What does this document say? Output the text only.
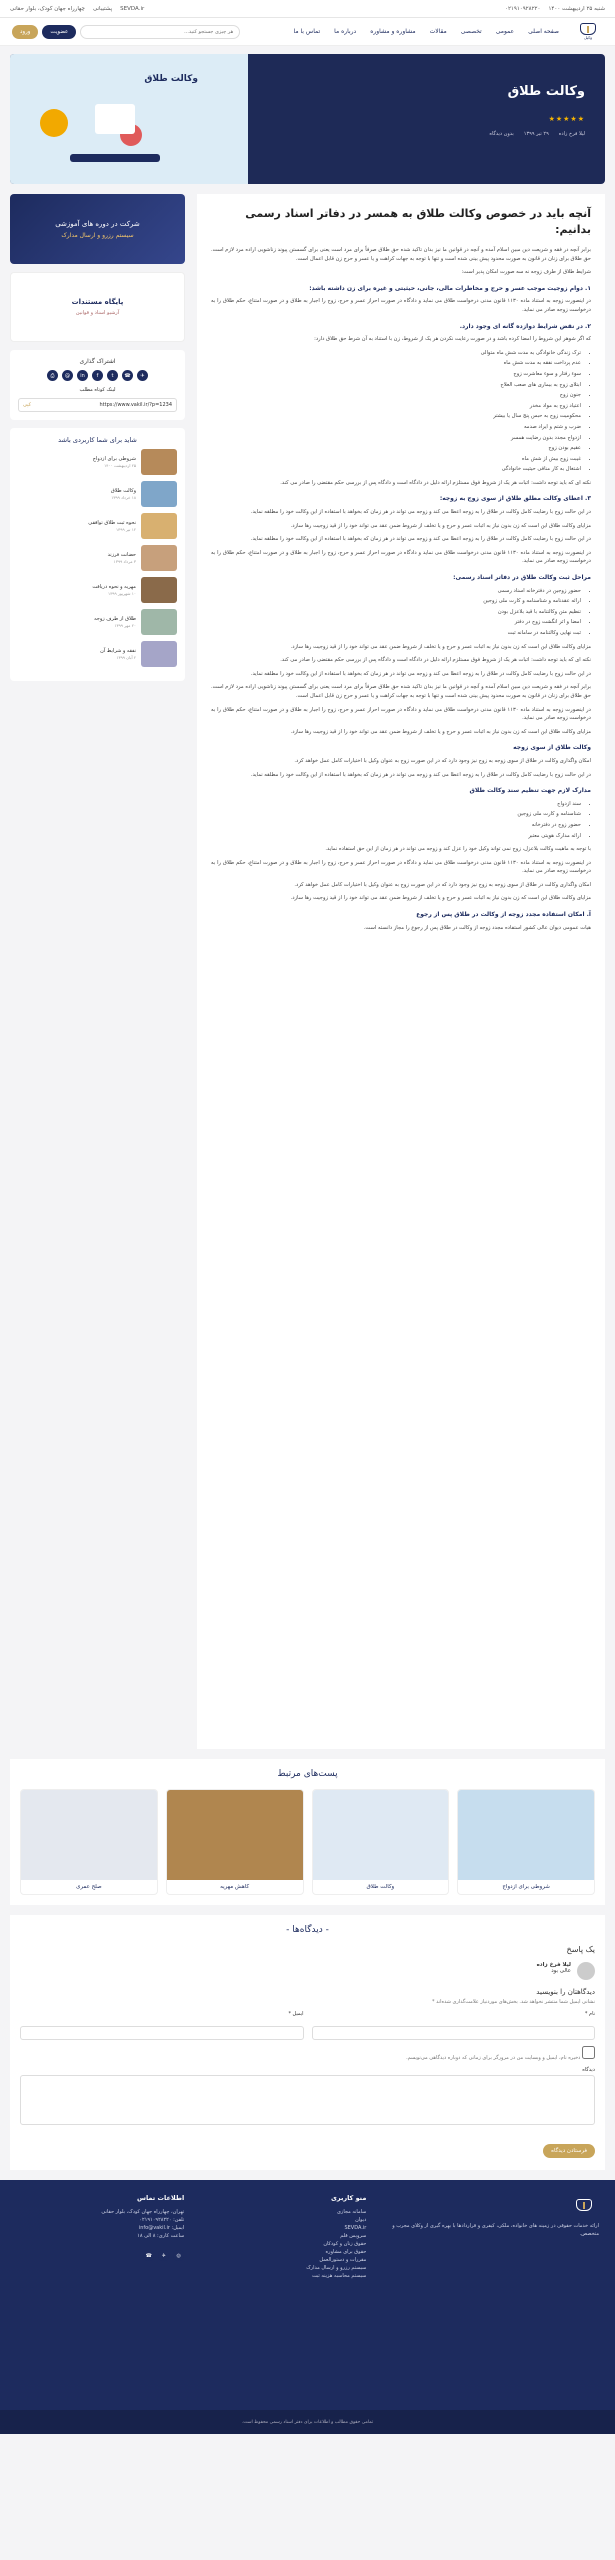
شنبه ۲۵ اردیبهشت ۱۴۰۰
۰۲۱۹۱۰۹۲۸۲۲۰
SEVDA.ir
پشتیبانی
چهارراه جهان کودک، بلوار حقانی
وکیل
صفحه اصلی
عمومی
تخصصی
مقالات
مشاوره و مشاوره
درباره ما
تماس با ما
هر چیزی جستجو کنید...
عضویت
ورود
وکالت طلاق
★★★★★
لیلا فرخ زاده
۲۹ تیر ۱۳۹۹
بدون دیدگاه
وکالت طلاق
آنچه باید در خصوص وکالت طلاق به همسر در دفاتر اسناد رسمی بدانیم:

برابر آنچه در فقه و شریعت دین مبین اسلام آمده و آنچه در قوانین ما نیز بدان تاکید شده حق طلاق صرفاً برای مرد است یعنی برای گسستن پیوند زناشویی اراده مرد لازم است. حق طلاق برای زنان در قانون به صورت محدود پیش بینی شده است و تنها با توجه به جهات کراهت و یا عسر و حرج زن قابل اعمال است.

شرایط طلاق از طرف زوجه نه سه صورت امکان پذیر است:

۱. دوام زوجیت موجب عسر و حرج و مخاطرات مالی، جانی، حیثیتی و غیره برای زن داشته باشد:

در اینصورت زوجه به استناد ماده ۱۱۳۰ قانون مدنی درخواست طلاق می نماید و دادگاه در صورت احراز عسر و حرج، زوج را اجبار به طلاق و در صورت امتناع، حکم طلاق را به درخواست زوجه صادر می نماید.

۲. در نقض شرایط دوازده گانه ای وجود دارد.

که اگر شوهر این شروط را امضا کرده باشد و در صورت رعایت نکردن هر یک از شروط، زن با استناد به آن شرط حق طلاق دارد:

• ترک زندگی خانوادگی به مدت شش ماه متوالی
• عدم پرداخت نفقه به مدت شش ماه
• سوء رفتار و سوء معاشرت زوج
• ابتلای زوج به بیماری های صعب العلاج
• جنون زوج
• اعتیاد زوج به مواد مخدر
• محکومیت زوج به حبس پنج سال یا بیشتر
• ضرب و شتم و ایراد صدمه
• ازدواج مجدد بدون رضایت همسر
• عقیم بودن زوج
• غیبت زوج بیش از شش ماه
• اشتغال به کار منافی حیثیت خانوادگی

نکته ای که باید توجه داشت: اثبات هر یک از شروط فوق مستلزم ارائه دلیل در دادگاه است و دادگاه پس از بررسی حکم مقتضی را صادر می کند.

۳. اعطای وکالت مطلق طلاق از سوی زوج به زوجه:

در این حالت زوج با رضایت کامل وکالت در طلاق را به زوجه اعطا می کند و زوجه می تواند در هر زمان که بخواهد با استفاده از این وکالت خود را مطلقه نماید.

مزایای وکالت طلاق این است که زن بدون نیاز به اثبات عسر و حرج و یا تخلف از شروط ضمن عقد می تواند خود را از قید زوجیت رها سازد.

در این حالت زوج با رضایت کامل وکالت در طلاق را به زوجه اعطا می کند و زوجه می تواند در هر زمان که بخواهد با استفاده از این وکالت خود را مطلقه نماید.

در اینصورت زوجه به استناد ماده ۱۱۳۰ قانون مدنی درخواست طلاق می نماید و دادگاه در صورت احراز عسر و حرج، زوج را اجبار به طلاق و در صورت امتناع، حکم طلاق را به درخواست زوجه صادر می نماید.

مراحل ثبت وکالت طلاق در دفاتر اسناد رسمی:
• حضور زوجین در دفترخانه اسناد رسمی
• ارائه عقدنامه و شناسنامه و کارت ملی زوجین
• تنظیم متن وکالتنامه با قید بلاعزل بودن
• امضا و اثر انگشت زوج در دفتر
• ثبت نهایی وکالتنامه در سامانه ثبت

مزایای وکالت طلاق این است که زن بدون نیاز به اثبات عسر و حرج و یا تخلف از شروط ضمن عقد می تواند خود را از قید زوجیت رها سازد.

نکته ای که باید توجه داشت: اثبات هر یک از شروط فوق مستلزم ارائه دلیل در دادگاه است و دادگاه پس از بررسی حکم مقتضی را صادر می کند.

در این حالت زوج با رضایت کامل وکالت در طلاق را به زوجه اعطا می کند و زوجه می تواند در هر زمان که بخواهد با استفاده از این وکالت خود را مطلقه نماید.

برابر آنچه در فقه و شریعت دین مبین اسلام آمده و آنچه در قوانین ما نیز بدان تاکید شده حق طلاق صرفاً برای مرد است یعنی برای گسستن پیوند زناشویی اراده مرد لازم است. حق طلاق برای زنان در قانون به صورت محدود پیش بینی شده است و تنها با توجه به جهات کراهت و یا عسر و حرج زن قابل اعمال است.

در اینصورت زوجه به استناد ماده ۱۱۳۰ قانون مدنی درخواست طلاق می نماید و دادگاه در صورت احراز عسر و حرج، زوج را اجبار به طلاق و در صورت امتناع، حکم طلاق را به درخواست زوجه صادر می نماید.

مزایای وکالت طلاق این است که زن بدون نیاز به اثبات عسر و حرج و یا تخلف از شروط ضمن عقد می تواند خود را از قید زوجیت رها سازد.

وکالت طلاق از سوی زوجه

امکان واگذاری وکالت در طلاق از سوی زوجه به زوج نیز وجود دارد که در این صورت زوج به عنوان وکیل با اختیارات کامل عمل خواهد کرد.

در این حالت زوج با رضایت کامل وکالت در طلاق را به زوجه اعطا می کند و زوجه می تواند در هر زمان که بخواهد با استفاده از این وکالت خود را مطلقه نماید.

مدارک لازم جهت تنظیم سند وکالت طلاق
• سند ازدواج
• شناسنامه و کارت ملی زوجین
• حضور زوج در دفترخانه
• ارائه مدارک هویتی معتبر

با توجه به ماهیت وکالت بلاعزل، زوج نمی تواند وکیل خود را عزل کند و زوجه می تواند در هر زمان از این حق استفاده نماید.

در اینصورت زوجه به استناد ماده ۱۱۳۰ قانون مدنی درخواست طلاق می نماید و دادگاه در صورت احراز عسر و حرج، زوج را اجبار به طلاق و در صورت امتناع، حکم طلاق را به درخواست زوجه صادر می نماید.

امکان واگذاری وکالت در طلاق از سوی زوجه به زوج نیز وجود دارد که در این صورت زوج به عنوان وکیل با اختیارات کامل عمل خواهد کرد.

مزایای وکالت طلاق این است که زن بدون نیاز به اثبات عسر و حرج و یا تخلف از شروط ضمن عقد می تواند خود را از قید زوجیت رها سازد.

آ. امکان استفاده مجدد زوجه از وکالت در طلاق پس از رجوع

هیات عمومی دیوان عالی کشور استفاده مجدد زوجه از وکالت در طلاق پس از رجوع را مجاز دانسته است.

شرکت در دوره های آموزشی
سیستم رزرو و ارسال مدارک
پایگاه مستندات
آرشیو اسناد و قوانین
اشتراک گذاری
✈
☎
t
f
in
@
⎙
لینک کوتاه مطلب
https://www.vakil.ir/?p=1234
کپی
شاید برای شما کاربردی باشد
شروطی برای ازدواج
۲۵ اردیبهشت ۱۴۰۰
وکالت طلاق
۱۸ خرداد ۱۳۹۹
نحوه ثبت طلاق توافقی
۱۲ تیر ۱۳۹۹
حضانت فرزند
۳ مرداد ۱۳۹۹
مهریه و نحوه دریافت
۱۰ شهریور ۱۳۹۹
طلاق از طرف زوجه
۲۰ مهر ۱۳۹۹
نفقه و شرایط آن
۲ آبان ۱۳۹۹
پست‌های مرتبط
شروطی برای ازدواج
وکالت طلاق
کاهش مهریه
صلح عمری
- دیدگاه‌ها -
یک پاسخ
لیلا فرخ زاده
عالی بود
دیدگاهتان را بنویسید
نشانی ایمیل شما منتشر نخواهد شد. بخش‌های موردنیاز علامت‌گذاری شده‌اند *
نام *
ایمیل *
ذخیره نام، ایمیل و وبسایت من در مرورگر برای زمانی که دوباره دیدگاهی می‌نویسم.
دیدگاه
فرستادن دیدگاه
ارائه خدمات حقوقی در زمینه های خانواده، ملکی، کیفری و قراردادها با بهره گیری از وکلای مجرب و متخصص.
منو کاربری
سامانه مجازی
دیوان
SEVDA.ir
سرویس قلم
حقوق زنان و کودکان
حقوق برای مشاوره
مقررات و دستورالعمل
سیستم رزرو و ارسال مدارک
سیستم محاسبه هزینه ثبت
اطلاعات تماس
تهران، چهارراه جهان کودک، بلوار حقانی
تلفن: ۰۲۱۹۱۰۹۲۸۲۲۰
ایمیل: info@vakil.ir
ساعت کاری: ۸ الی ۱۸
◎
✈
☎
تمامی حقوق مطالب و اطلاعات برای دفتر اسناد رسمی محفوظ است.
